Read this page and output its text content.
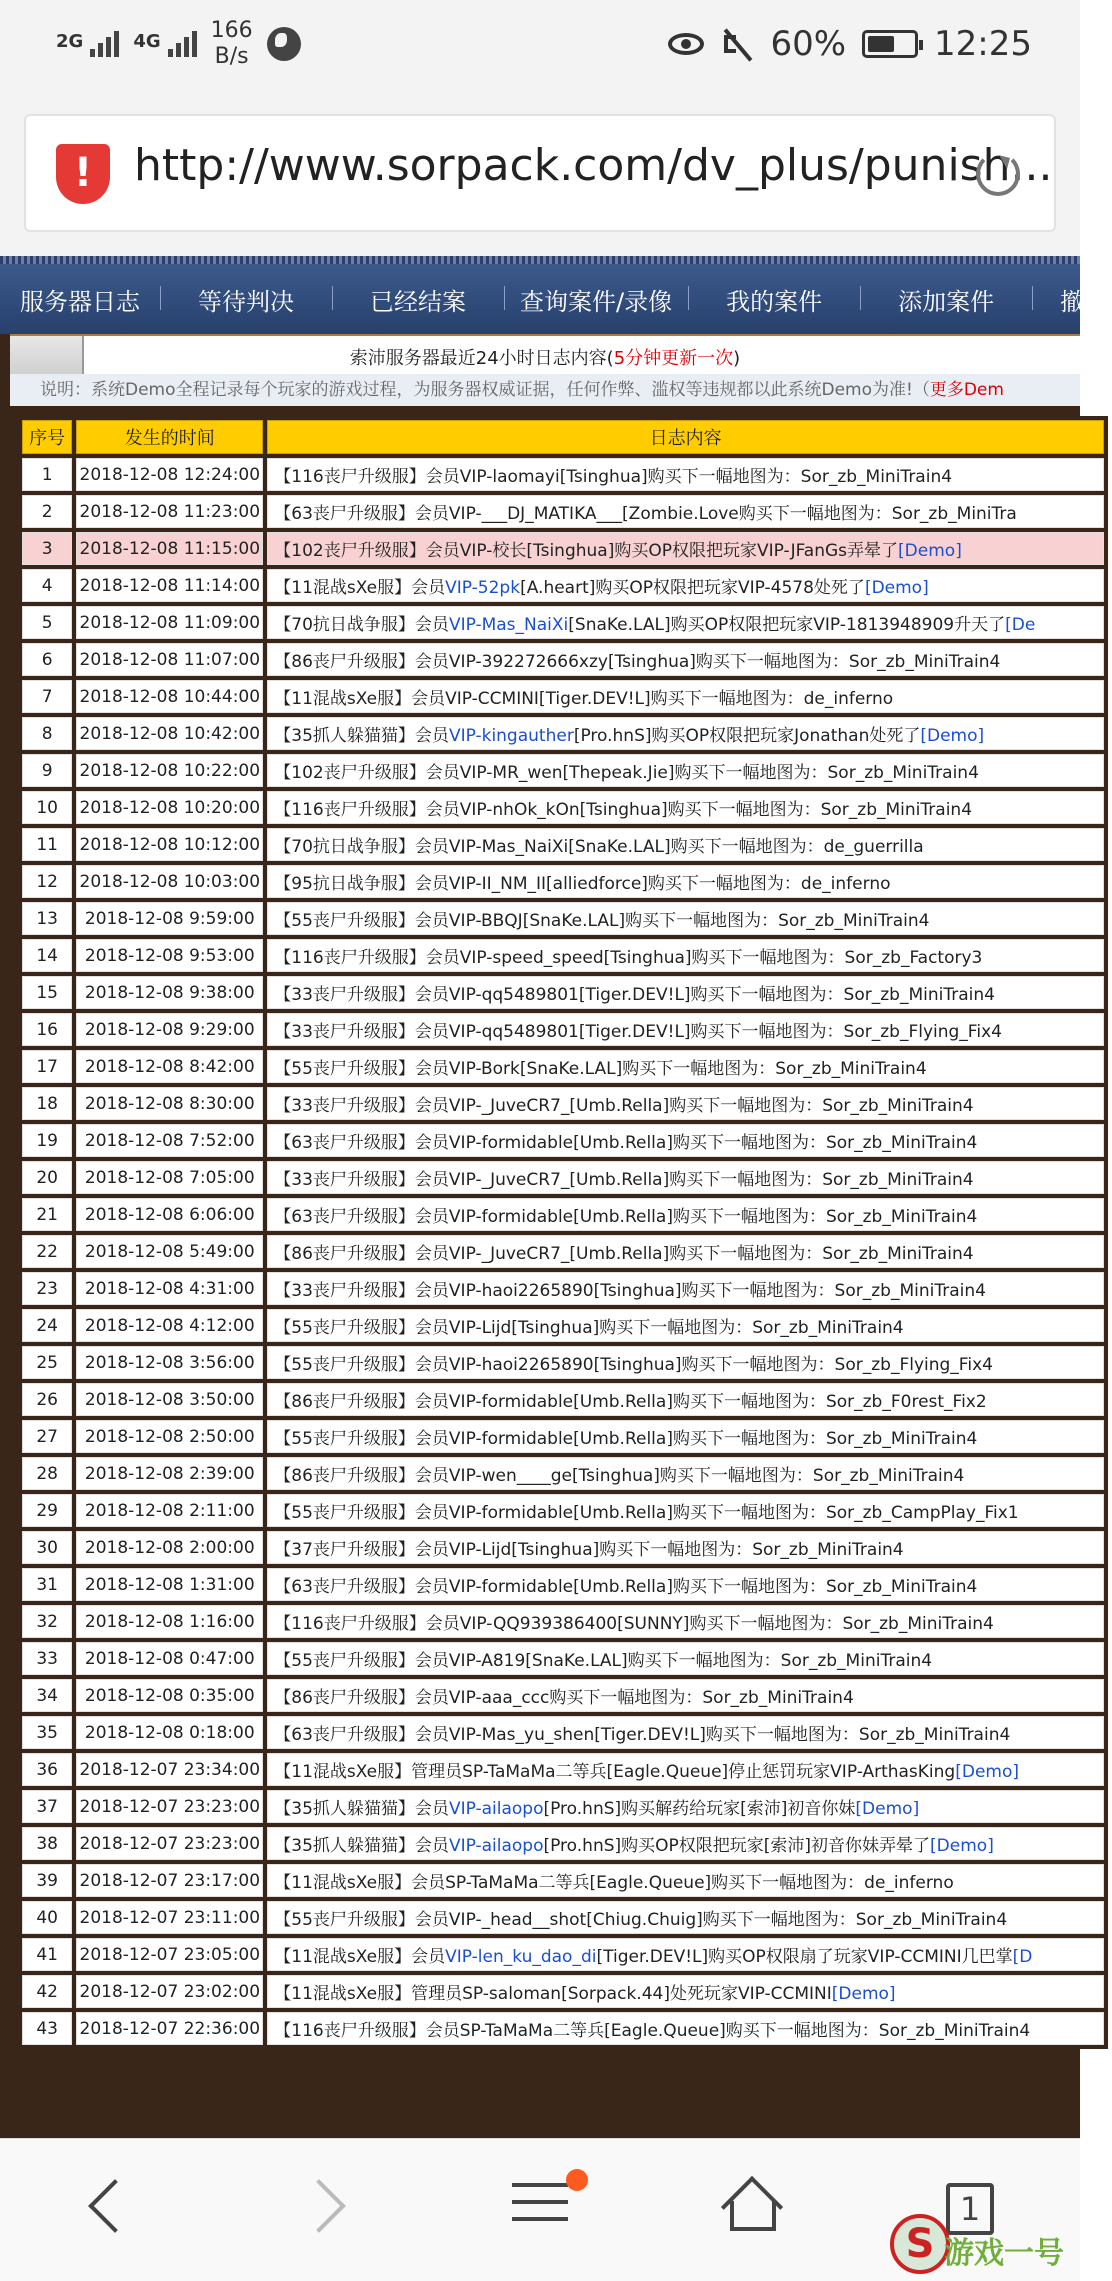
2G	4G 166
B/s	60%	12:25
! http://www.sorpack.com/dv_plus/punish...
服务器日志	等待判决	已经结案	查询案件/录像	我的案件	添加案件	撤
索沛服务器最近24小时日志内容(5分钟更新一次)
说明：系统Demo全程记录每个玩家的游戏过程，为服务器权威证据，任何作弊、滥权等违规都以此系统Demo为准!（更多Dem
序号	发生的时间	日志内容
1	2018-12-08 12:24:00	【116丧尸升级服】会员VIP-laomayi[Tsinghua]购买下一幅地图为：Sor_zb_MiniTrain4
2	2018-12-08 11:23:00	【63丧尸升级服】会员VIP-___DJ_MATIKA___[Zombie.Love购买下一幅地图为：Sor_zb_MiniTra
3	2018-12-08 11:15:00	【102丧尸升级服】会员VIP-校长[Tsinghua]购买OP权限把玩家VIP-JFanGs弄晕了[Demo]
4	2018-12-08 11:14:00	【11混战sXe服】会员VIP-52pk[A.heart]购买OP权限把玩家VIP-4578处死了[Demo]
5	2018-12-08 11:09:00	【70抗日战争服】会员VIP-Mas_NaiXi[SnaKe.LAL]购买OP权限把玩家VIP-1813948909升天了[De
6	2018-12-08 11:07:00	【86丧尸升级服】会员VIP-392272666xzy[Tsinghua]购买下一幅地图为：Sor_zb_MiniTrain4
7	2018-12-08 10:44:00	【11混战sXe服】会员VIP-CCMINI[Tiger.DEV!L]购买下一幅地图为：de_inferno
8	2018-12-08 10:42:00	【35抓人躲猫猫】会员VIP-kingauther[Pro.hnS]购买OP权限把玩家Jonathan处死了[Demo]
9	2018-12-08 10:22:00	【102丧尸升级服】会员VIP-MR_wen[Thepeak.Jie]购买下一幅地图为：Sor_zb_MiniTrain4
10	2018-12-08 10:20:00	【116丧尸升级服】会员VIP-nhOk_kOn[Tsinghua]购买下一幅地图为：Sor_zb_MiniTrain4
11	2018-12-08 10:12:00	【70抗日战争服】会员VIP-Mas_NaiXi[SnaKe.LAL]购买下一幅地图为：de_guerrilla
12	2018-12-08 10:03:00	【95抗日战争服】会员VIP-II_NM_II[alliedforce]购买下一幅地图为：de_inferno
13	2018-12-08 9:59:00	【55丧尸升级服】会员VIP-BBQJ[SnaKe.LAL]购买下一幅地图为：Sor_zb_MiniTrain4
14	2018-12-08 9:53:00	【116丧尸升级服】会员VIP-speed_speed[Tsinghua]购买下一幅地图为：Sor_zb_Factory3
15	2018-12-08 9:38:00	【33丧尸升级服】会员VIP-qq5489801[Tiger.DEV!L]购买下一幅地图为：Sor_zb_MiniTrain4
16	2018-12-08 9:29:00	【33丧尸升级服】会员VIP-qq5489801[Tiger.DEV!L]购买下一幅地图为：Sor_zb_Flying_Fix4
17	2018-12-08 8:42:00	【55丧尸升级服】会员VIP-Bork[SnaKe.LAL]购买下一幅地图为：Sor_zb_MiniTrain4
18	2018-12-08 8:30:00	【33丧尸升级服】会员VIP-_JuveCR7_[Umb.Rella]购买下一幅地图为：Sor_zb_MiniTrain4
19	2018-12-08 7:52:00	【63丧尸升级服】会员VIP-formidable[Umb.Rella]购买下一幅地图为：Sor_zb_MiniTrain4
20	2018-12-08 7:05:00	【33丧尸升级服】会员VIP-_JuveCR7_[Umb.Rella]购买下一幅地图为：Sor_zb_MiniTrain4
21	2018-12-08 6:06:00	【63丧尸升级服】会员VIP-formidable[Umb.Rella]购买下一幅地图为：Sor_zb_MiniTrain4
22	2018-12-08 5:49:00	【86丧尸升级服】会员VIP-_JuveCR7_[Umb.Rella]购买下一幅地图为：Sor_zb_MiniTrain4
23	2018-12-08 4:31:00	【33丧尸升级服】会员VIP-haoi2265890[Tsinghua]购买下一幅地图为：Sor_zb_MiniTrain4
24	2018-12-08 4:12:00	【55丧尸升级服】会员VIP-Lijd[Tsinghua]购买下一幅地图为：Sor_zb_MiniTrain4
25	2018-12-08 3:56:00	【55丧尸升级服】会员VIP-haoi2265890[Tsinghua]购买下一幅地图为：Sor_zb_Flying_Fix4
26	2018-12-08 3:50:00	【86丧尸升级服】会员VIP-formidable[Umb.Rella]购买下一幅地图为：Sor_zb_F0rest_Fix2
27	2018-12-08 2:50:00	【55丧尸升级服】会员VIP-formidable[Umb.Rella]购买下一幅地图为：Sor_zb_MiniTrain4
28	2018-12-08 2:39:00	【86丧尸升级服】会员VIP-wen____ge[Tsinghua]购买下一幅地图为：Sor_zb_MiniTrain4
29	2018-12-08 2:11:00	【55丧尸升级服】会员VIP-formidable[Umb.Rella]购买下一幅地图为：Sor_zb_CampPlay_Fix1
30	2018-12-08 2:00:00	【37丧尸升级服】会员VIP-Lijd[Tsinghua]购买下一幅地图为：Sor_zb_MiniTrain4
31	2018-12-08 1:31:00	【63丧尸升级服】会员VIP-formidable[Umb.Rella]购买下一幅地图为：Sor_zb_MiniTrain4
32	2018-12-08 1:16:00	【116丧尸升级服】会员VIP-QQ939386400[SUNNY]购买下一幅地图为：Sor_zb_MiniTrain4
33	2018-12-08 0:47:00	【55丧尸升级服】会员VIP-A819[SnaKe.LAL]购买下一幅地图为：Sor_zb_MiniTrain4
34	2018-12-08 0:35:00	【86丧尸升级服】会员VIP-aaa_ccc购买下一幅地图为：Sor_zb_MiniTrain4
35	2018-12-08 0:18:00	【63丧尸升级服】会员VIP-Mas_yu_shen[Tiger.DEV!L]购买下一幅地图为：Sor_zb_MiniTrain4
36	2018-12-07 23:34:00	【11混战sXe服】管理员SP-TaMaMa二等兵[Eagle.Queue]停止惩罚玩家VIP-ArthasKing[Demo]
37	2018-12-07 23:23:00	【35抓人躲猫猫】会员VIP-ailaopo[Pro.hnS]购买解药给玩家[索沛]初音你妹[Demo]
38	2018-12-07 23:23:00	【35抓人躲猫猫】会员VIP-ailaopo[Pro.hnS]购买OP权限把玩家[索沛]初音你妹弄晕了[Demo]
39	2018-12-07 23:17:00	【11混战sXe服】会员SP-TaMaMa二等兵[Eagle.Queue]购买下一幅地图为：de_inferno
40	2018-12-07 23:11:00	【55丧尸升级服】会员VIP-_head__shot[Chiug.Chuig]购买下一幅地图为：Sor_zb_MiniTrain4
41	2018-12-07 23:05:00	【11混战sXe服】会员VIP-len_ku_dao_di[Tiger.DEV!L]购买OP权限扇了玩家VIP-CCMINI几巴掌[D
42	2018-12-07 23:02:00	【11混战sXe服】管理员SP-saloman[Sorpack.44]处死玩家VIP-CCMINI[Demo]
43	2018-12-07 22:36:00	【116丧尸升级服】会员SP-TaMaMa二等兵[Eagle.Queue]购买下一幅地图为：Sor_zb_MiniTrain4
1
S 游戏一号
